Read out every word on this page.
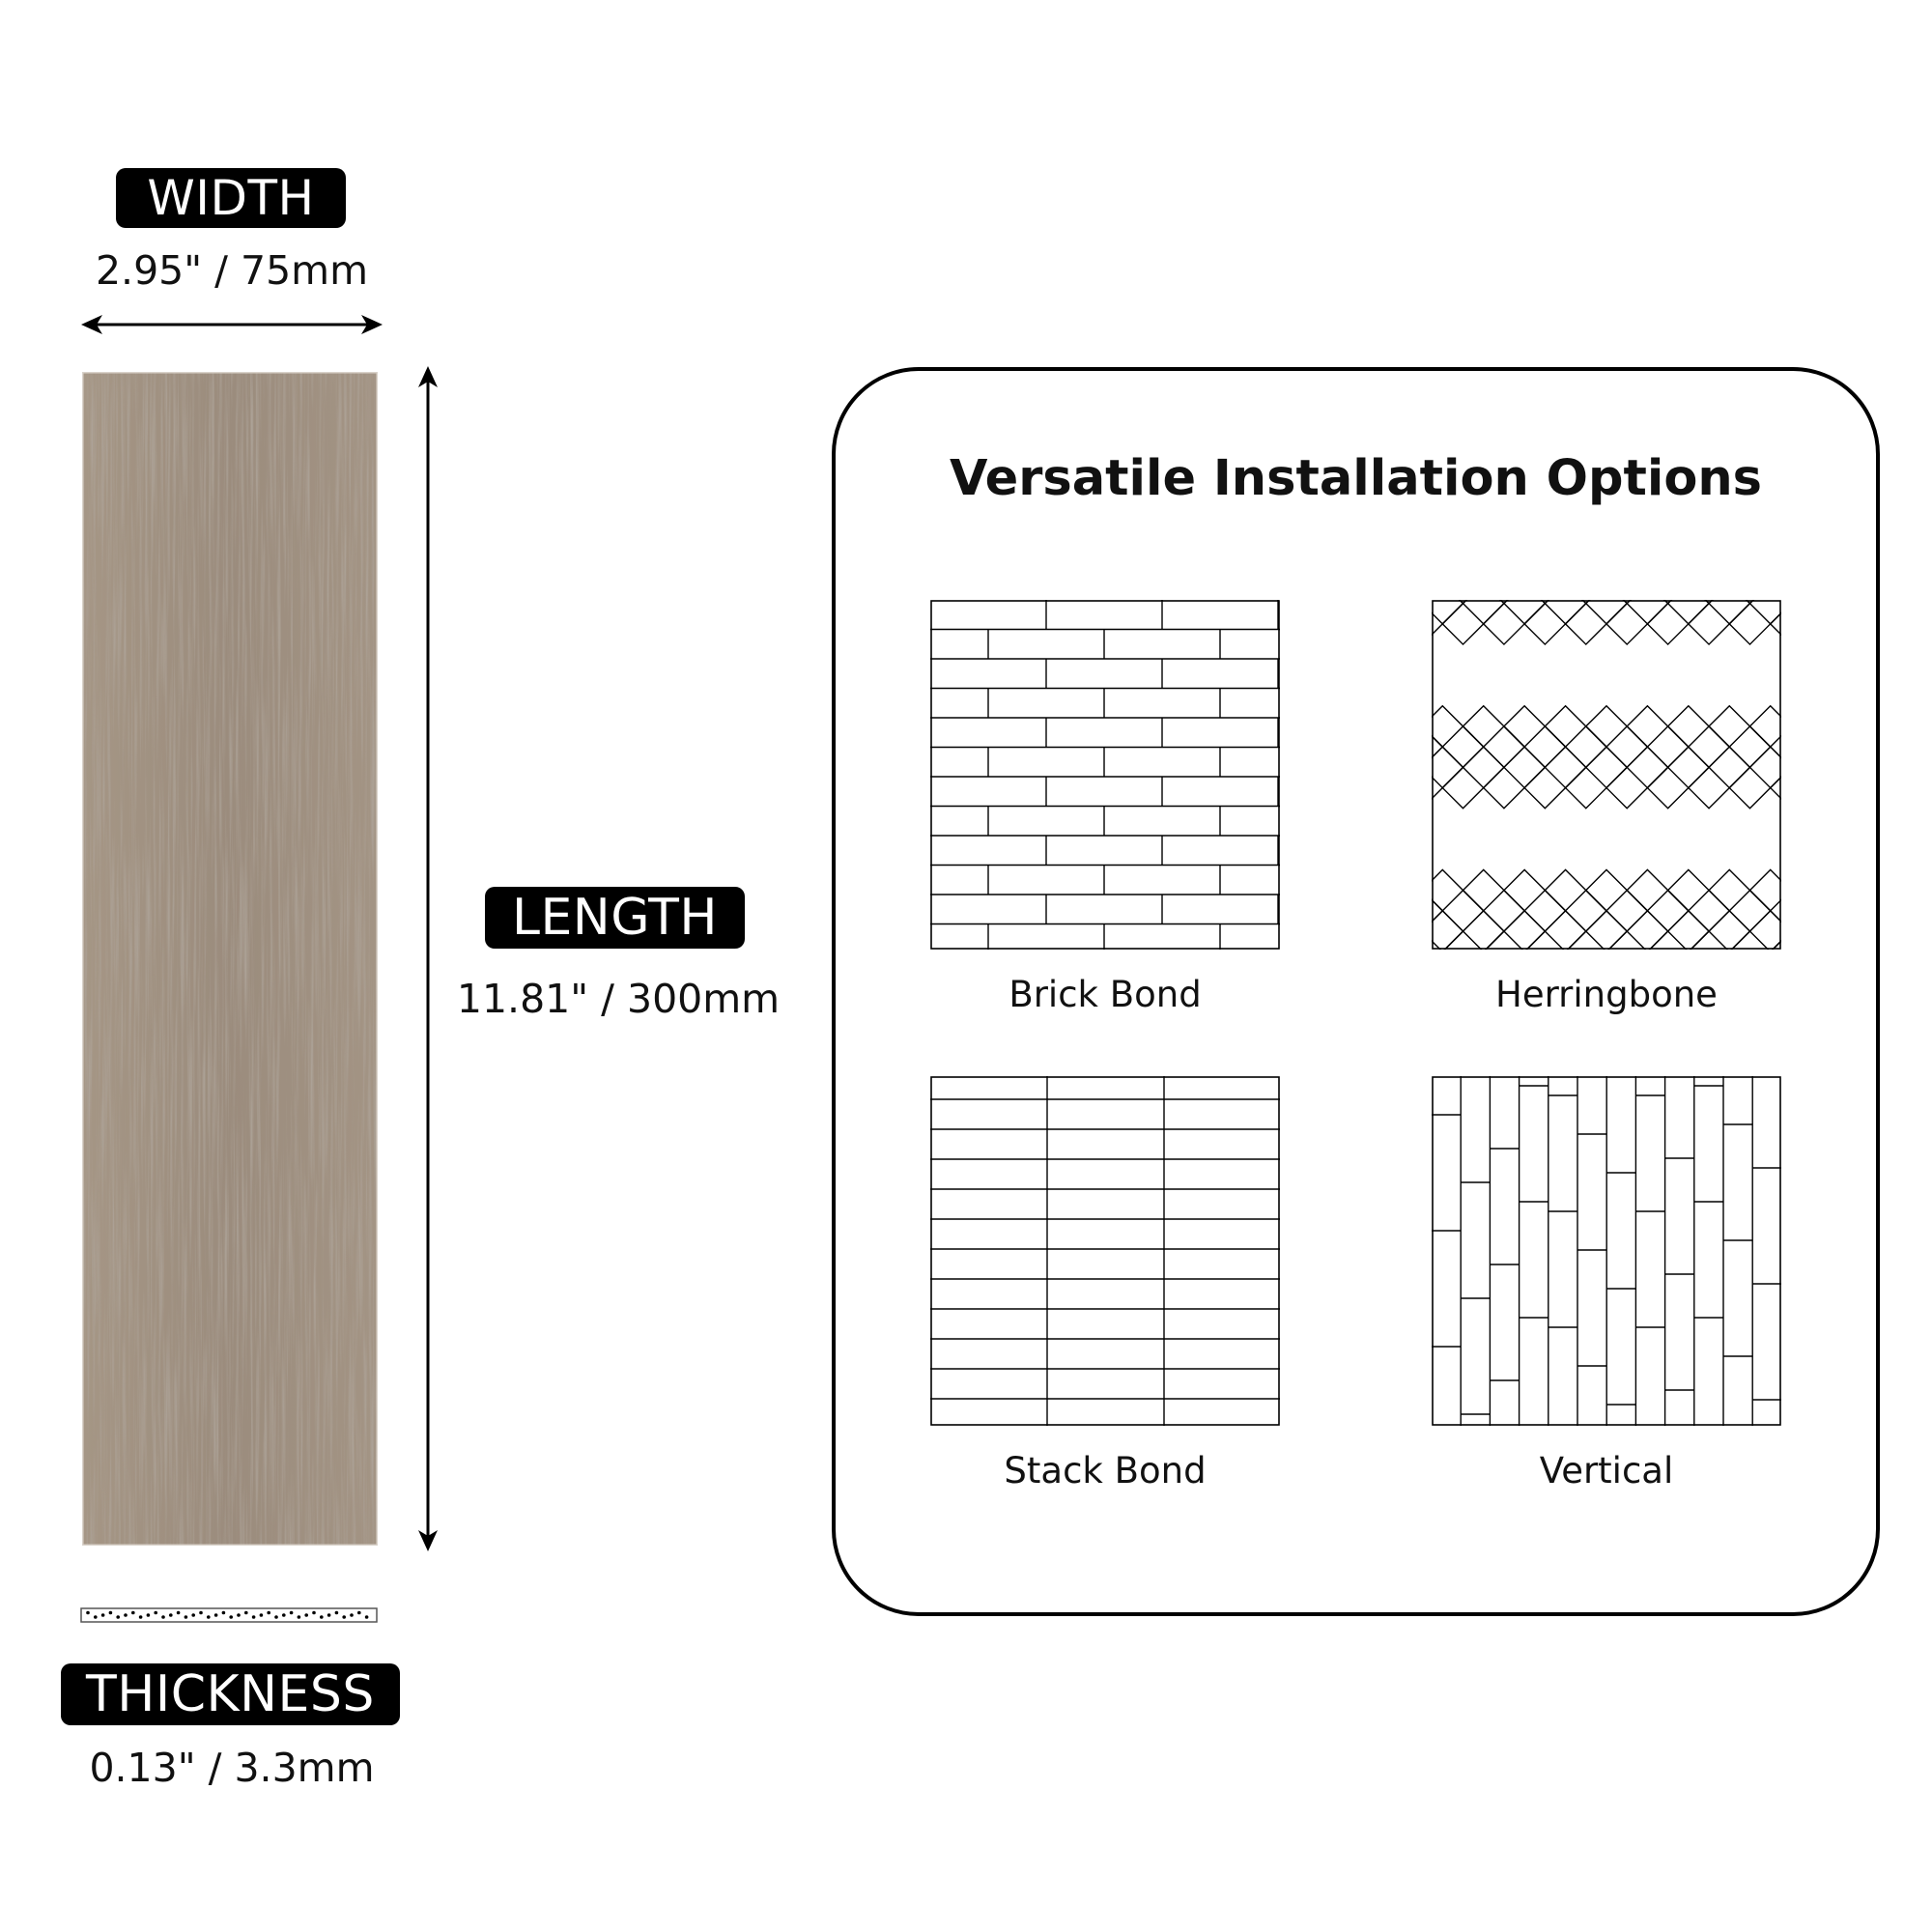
WIDTH
2.95" / 75mm
LENGTH
11.81" / 300mm
THICKNESS
0.13" / 3.3mm
Versatile Installation Options
Brick Bond	Herringbone
Stack Bond	Vertical
